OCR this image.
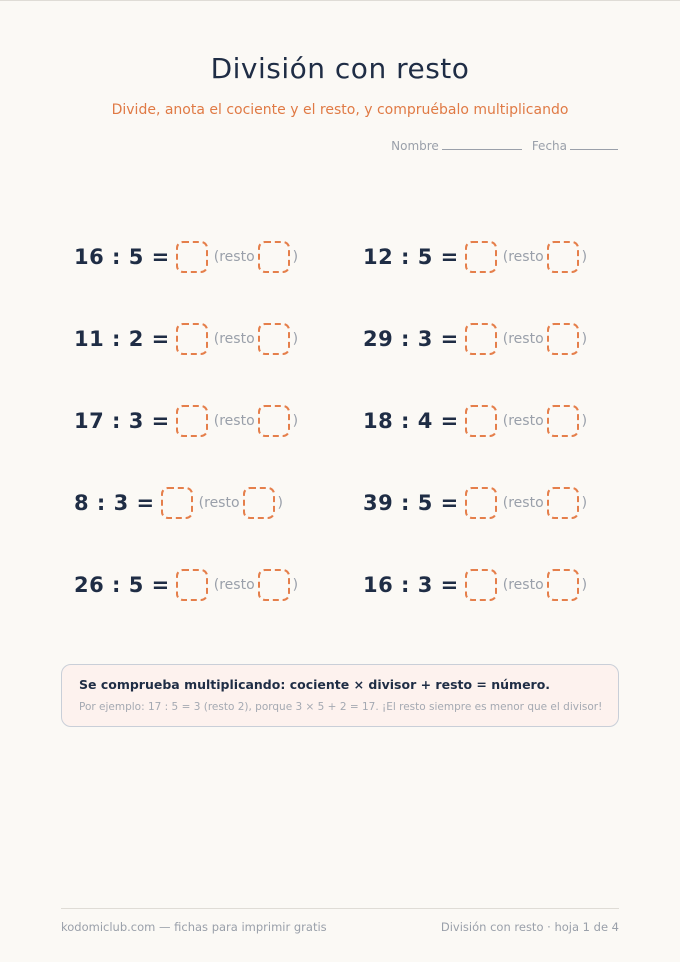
División con resto

Divide, anota el cociente y el resto, y compruébalo multiplicando

Nombre	Fecha
16 : 5 =	(resto	)	12 : 5 =	(resto	)
11 : 2 =	(resto	)	29 : 3 =	(resto	)
17 : 3 =	(resto	)	18 : 4 =	(resto	)
8 : 3 =	(resto	)	39 : 5 =	(resto	)
26 : 5 =	(resto	)	16 : 3 =	(resto	)

Se comprueba multiplicando: cociente × divisor + resto = número.

Por ejemplo: 17 : 5 = 3 (resto 2), porque 3 × 5 + 2 = 17. ¡El resto siempre es menor que el divisor!

kodomiclub.com — fichas para imprimir gratis	División con resto · hoja 1 de 4
